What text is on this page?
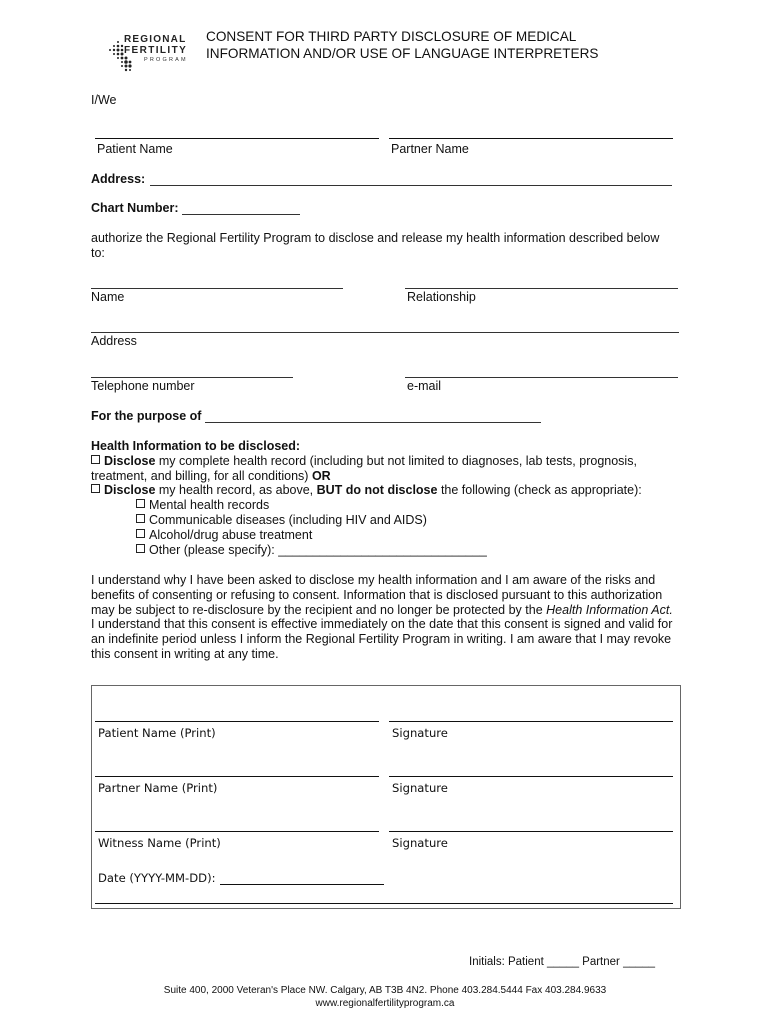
REGIONAL
FERTILITY
PROGRAM
CONSENT FOR THIRD PARTY DISCLOSURE OF MEDICAL
INFORMATION AND/OR USE OF LANGUAGE INTERPRETERS
I/We
Patient Name	Partner Name
Address:
Chart Number:
authorize the Regional Fertility Program to disclose and release my health information described below to:
Name	Relationship
Address
Telephone number	e-mail
For the purpose of
Health Information to be disclosed:
Disclose my complete health record (including but not limited to diagnoses, lab tests, prognosis,
treatment, and billing, for all conditions) OR
Disclose my health record, as above, BUT do not disclose the following (check as appropriate):
Mental health records
Communicable diseases (including HIV and AIDS)
Alcohol/drug abuse treatment
Other (please specify): ______________________________
I understand why I have been asked to disclose my health information and I am aware of the risks and
benefits of consenting or refusing to consent. Information that is disclosed pursuant to this authorization
may be subject to re-disclosure by the recipient and no longer be protected by the Health Information Act.
I understand that this consent is effective immediately on the date that this consent is signed and valid for
an indefinite period unless I inform the Regional Fertility Program in writing. I am aware that I may revoke
this consent in writing at any time.
Patient Name (Print)	Signature
Partner Name (Print)	Signature
Witness Name (Print)	Signature
Date (YYYY-MM-DD):
Initials: Patient _____ Partner _____
Suite 400, 2000 Veteran's Place NW. Calgary, AB T3B 4N2. Phone 403.284.5444 Fax 403.284.9633
www.regionalfertilityprogram.ca
